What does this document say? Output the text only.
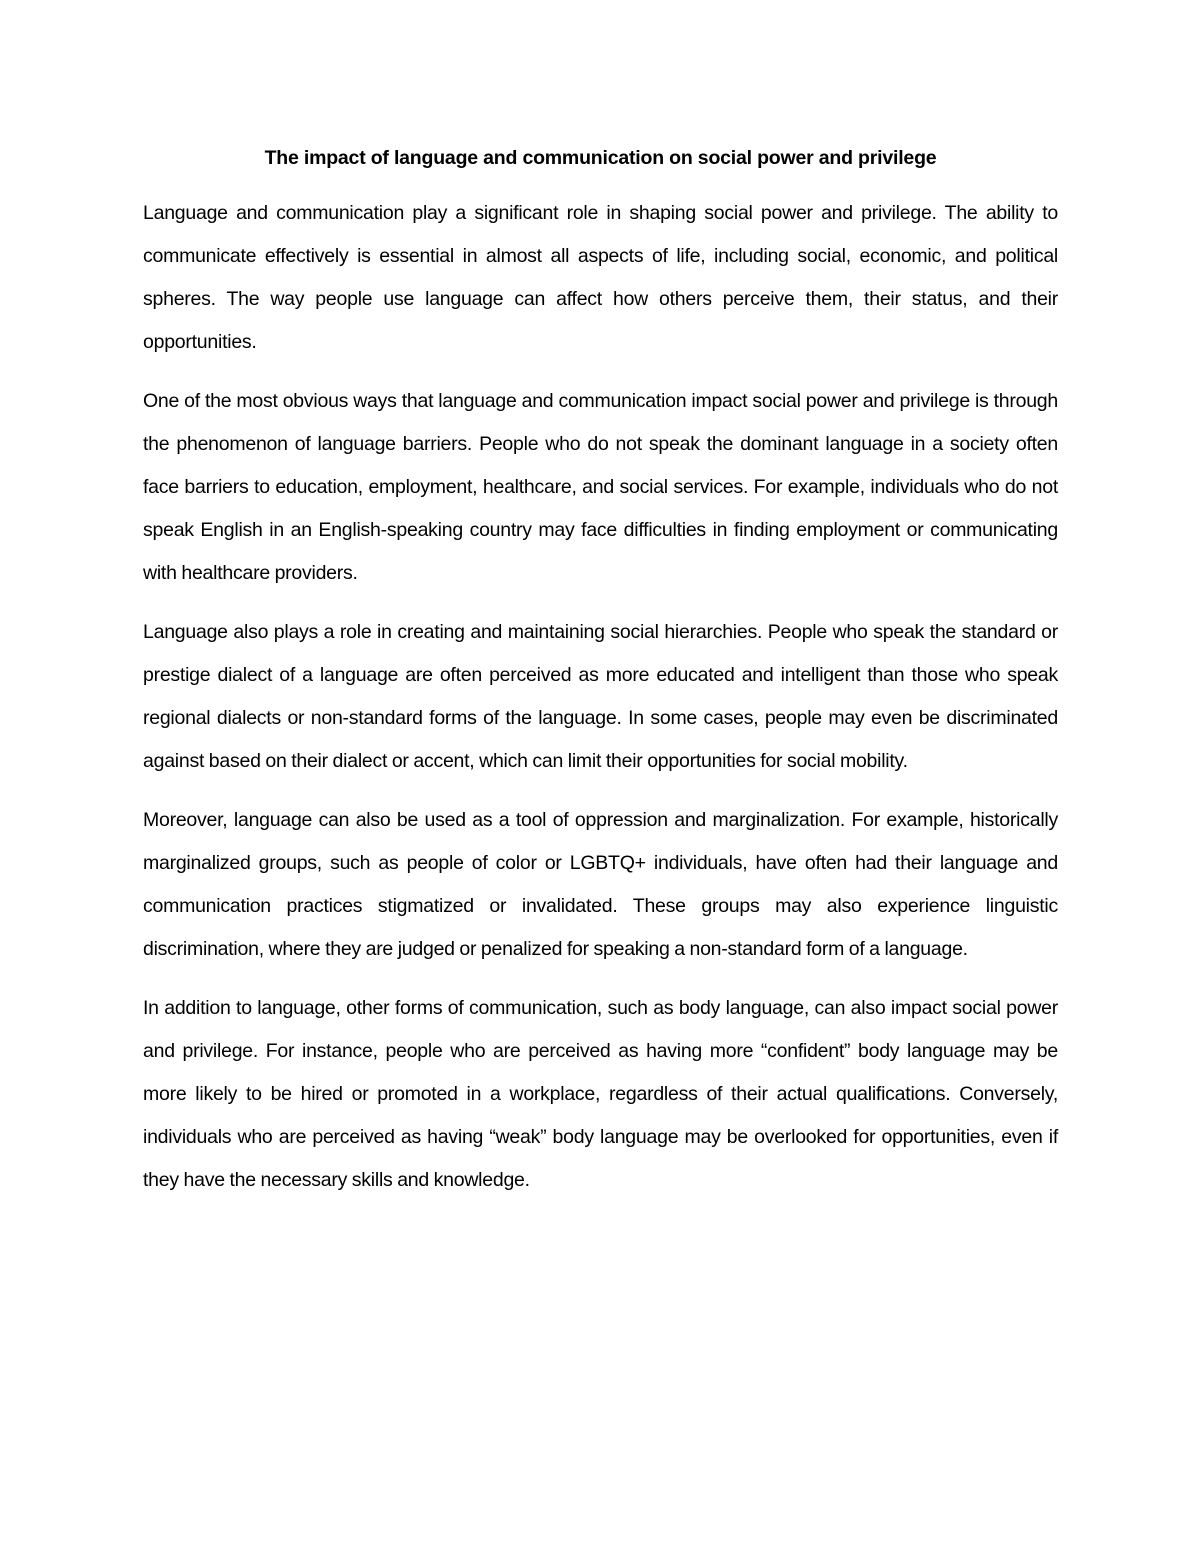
The impact of language and communication on social power and privilege

Language and communication play a significant role in shaping social power and privilege. The ability to communicate effectively is essential in almost all aspects of life, including social, economic, and political spheres. The way people use language can affect how others perceive them, their status, and their opportunities.

One of the most obvious ways that language and communication impact social power and privilege is through the phenomenon of language barriers. People who do not speak the dominant language in a society often face barriers to education, employment, healthcare, and social services. For example, individuals who do not speak English in an English-speaking country may face difficulties in finding employment or communicating with healthcare providers.

Language also plays a role in creating and maintaining social hierarchies. People who speak the standard or prestige dialect of a language are often perceived as more educated and intelligent than those who speak regional dialects or non-standard forms of the language. In some cases, people may even be discriminated against based on their dialect or accent, which can limit their opportunities for social mobility.

Moreover, language can also be used as a tool of oppression and marginalization. For example, historically marginalized groups, such as people of color or LGBTQ+ individuals, have often had their language and communication practices stigmatized or invalidated. These groups may also experience linguistic discrimination, where they are judged or penalized for speaking a non-standard form of a language.

In addition to language, other forms of communication, such as body language, can also impact social power and privilege. For instance, people who are perceived as having more “confident” body language may be more likely to be hired or promoted in a workplace, regardless of their actual qualifications. Conversely, individuals who are perceived as having “weak” body language may be overlooked for opportunities, even if they have the necessary skills and knowledge.
